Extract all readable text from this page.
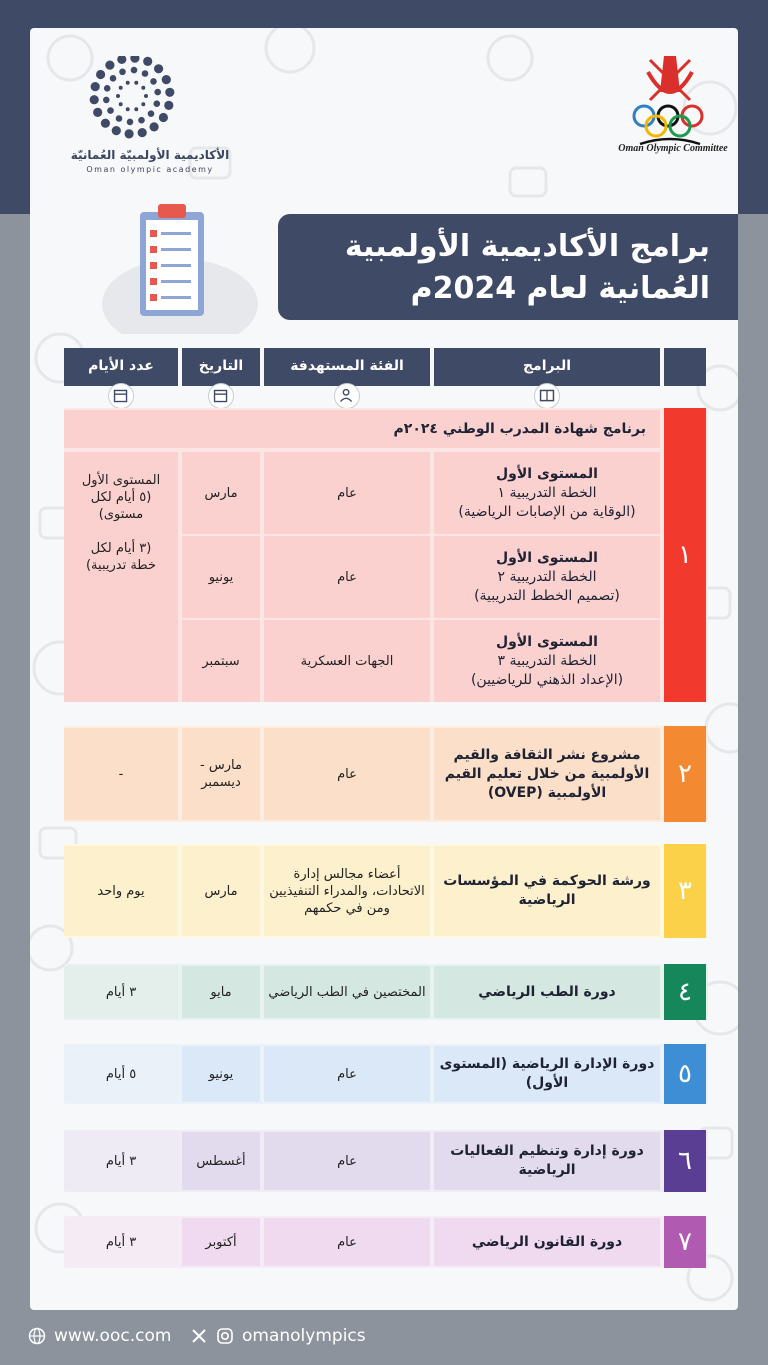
الأكاديمية الأولمبيّة العُمانيّة
Oman olympic academy
Oman Olympic Committee
برامج الأكاديمية الأولمبية
العُمانية لعام 2024م
البرامج
الفئة المستهدفة
التاريخ
عدد الأيام
١
برنامج شهادة المدرب الوطني ٢٠٢٤م
المستوى الأول
الخطة التدريبية ١
(الوقاية من الإصابات الرياضية)
عام
مارس
المستوى الأول
الخطة التدريبية ٢
(تصميم الخطط التدريبية)
عام
يونيو
المستوى الأول
الخطة التدريبية ٣
(الإعداد الذهني للرياضيين)
الجهات العسكرية
سبتمبر
المستوى الأول
(٥ أيام لكل
مستوى)

(٣ أيام لكل
خطة تدريبية)
٢
مشروع نشر الثقافة والقيم الأولمبية من خلال تعليم القيم الأولمبية (OVEP)
عام
مارس -
ديسمبر
-
٣
ورشة الحوكمة في المؤسسات الرياضية
أعضاء مجالس إدارة الاتحادات، والمدراء التنفيذيين ومن في حكمهم
مارس
يوم واحد
٤
دورة الطب الرياضي
المختصين في الطب الرياضي
مايو
٣ أيام
٥
دورة الإدارة الرياضية (المستوى الأول)
عام
يونيو
٥ أيام
٦
دورة إدارة وتنظيم الفعاليات الرياضية
عام
أغسطس
٣ أيام
٧
دورة القانون الرياضي
عام
أكتوبر
٣ أيام
www.ooc.com	omanolympics
